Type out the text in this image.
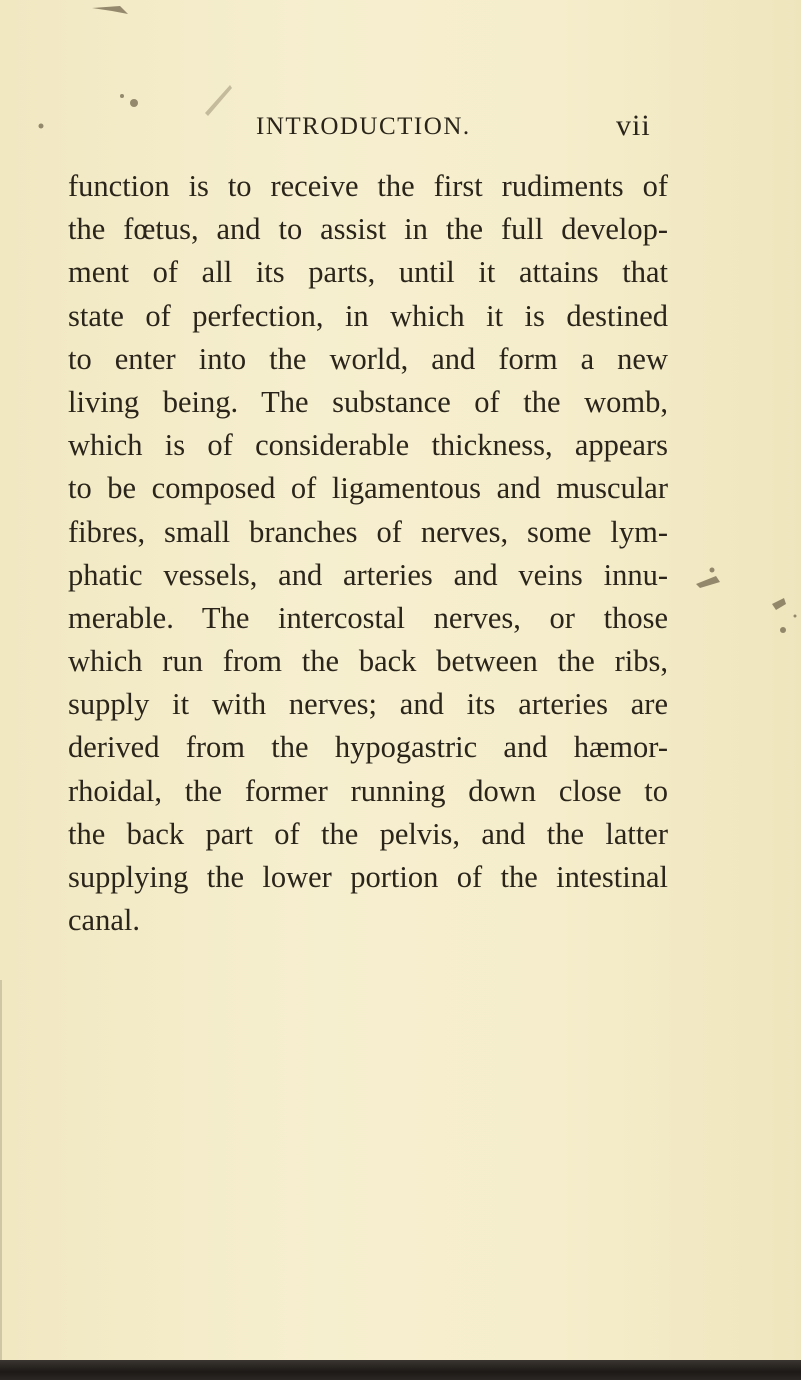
INTRODUCTION.	vii
function is to receive the first rudiments of
the fœtus, and to assist in the full develop-
ment of all its parts, until it attains that
state of perfection, in which it is destined
to enter into the world, and form a new
living being. The substance of the womb,
which is of considerable thickness, appears
to be composed of ligamentous and muscular
fibres, small branches of nerves, some lym-
phatic vessels, and arteries and veins innu-
merable. The intercostal nerves, or those
which run from the back between the ribs,
supply it with nerves; and its arteries are
derived from the hypogastric and hæmor-
rhoidal, the former running down close to
the back part of the pelvis, and the latter
supplying the lower portion of the intestinal
canal.
